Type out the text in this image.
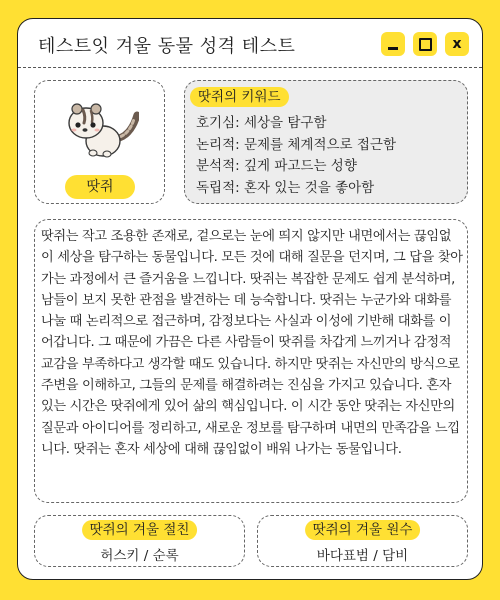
테스트잇 겨울 동물 성격 테스트	x
땃쥐
땃쥐의 키워드
호기심: 세상을 탐구함
논리적: 문제를 체계적으로 접근함
분석적: 깊게 파고드는 성향
독립적: 혼자 있는 것을 좋아함

땃쥐는 작고 조용한 존재로, 겉으로는 눈에 띄지 않지만 내면에서는 끊임없이 세상을 탐구하는 동물입니다. 모든 것에 대해 질문을 던지며, 그 답을 찾아가는 과정에서 큰 즐거움을 느낍니다. 땃쥐는 복잡한 문제도 쉽게 분석하며, 남들이 보지 못한 관점을 발견하는 데 능숙합니다. 땃쥐는 누군가와 대화를 나눌 때 논리적으로 접근하며, 감정보다는 사실과 이성에 기반해 대화를 이어갑니다. 그 때문에 가끔은 다른 사람들이 땃쥐를 차갑게 느끼거나 감정적 교감을 부족하다고 생각할 때도 있습니다. 하지만 땃쥐는 자신만의 방식으로 주변을 이해하고, 그들의 문제를 해결하려는 진심을 가지고 있습니다. 혼자 있는 시간은 땃쥐에게 있어 삶의 핵심입니다. 이 시간 동안 땃쥐는 자신만의 질문과 아이디어를 정리하고, 새로운 정보를 탐구하며 내면의 만족감을 느낍니다. 땃쥐는 혼자 세상에 대해 끊임없이 배워 나가는 동물입니다.

땃쥐의 겨울 절친
허스키 / 순록
땃쥐의 겨울 원수
바다표범 / 담비
